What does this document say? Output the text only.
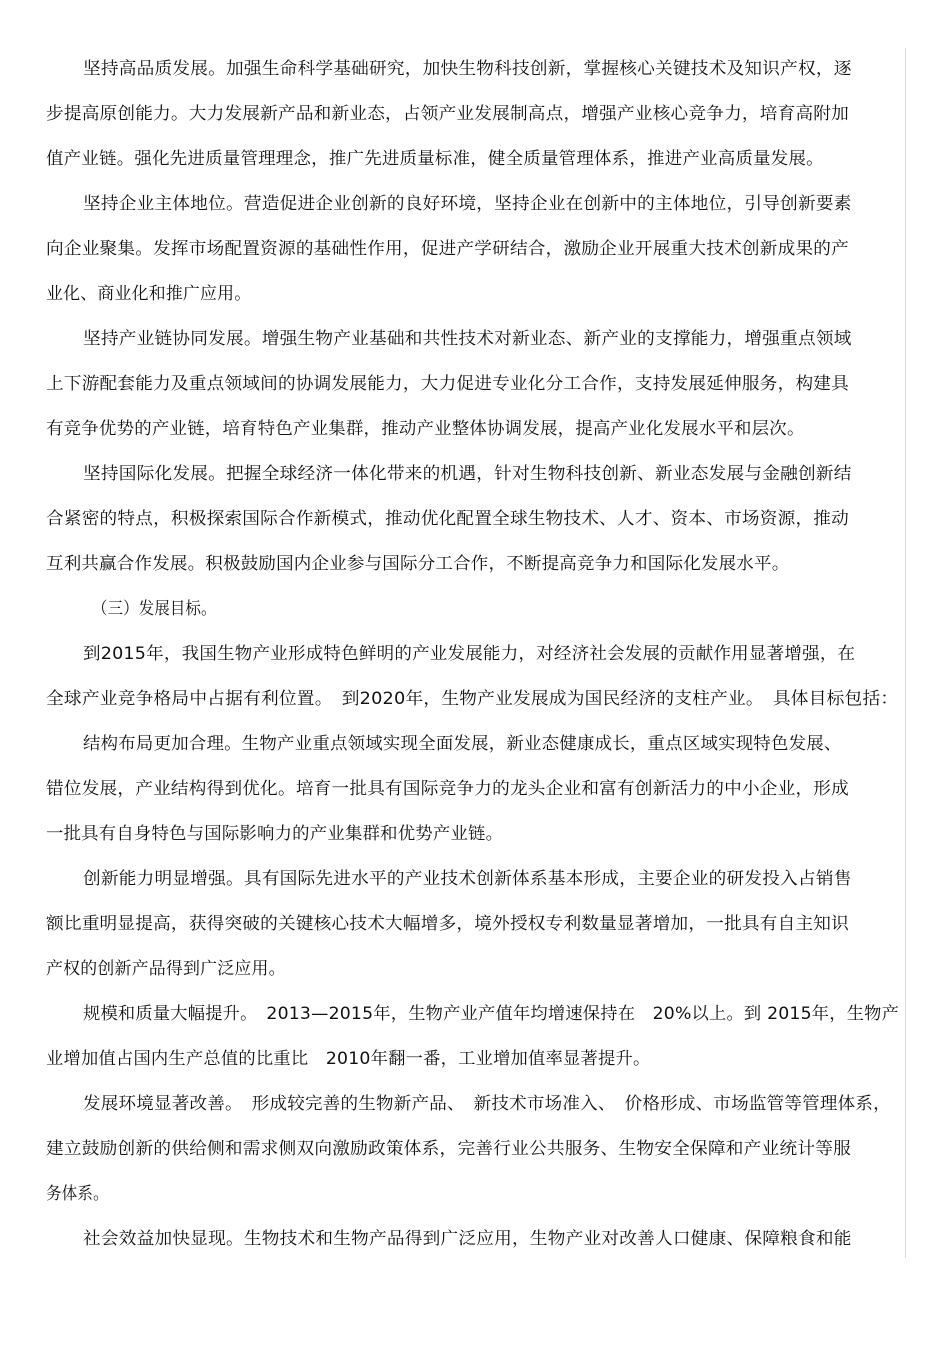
坚持高品质发展。加强生命科学基础研究，加快生物科技创新，掌握核心关键技术及知识产权，逐
步提高原创能力。大力发展新产品和新业态，占领产业发展制高点，增强产业核心竞争力，培育高附加
值产业链。强化先进质量管理理念，推广先进质量标准，健全质量管理体系，推进产业高质量发展。
坚持企业主体地位。营造促进企业创新的良好环境，坚持企业在创新中的主体地位，引导创新要素
向企业聚集。发挥市场配置资源的基础性作用，促进产学研结合，激励企业开展重大技术创新成果的产
业化、商业化和推广应用。
坚持产业链协同发展。增强生物产业基础和共性技术对新业态、新产业的支撑能力，增强重点领域
上下游配套能力及重点领域间的协调发展能力，大力促进专业化分工合作，支持发展延伸服务，构建具
有竞争优势的产业链，培育特色产业集群，推动产业整体协调发展，提高产业化发展水平和层次。
坚持国际化发展。把握全球经济一体化带来的机遇，针对生物科技创新、新业态发展与金融创新结
合紧密的特点，积极探索国际合作新模式，推动优化配置全球生物技术、人才、资本、市场资源，推动
互利共赢合作发展。积极鼓励国内企业参与国际分工合作，不断提高竞争力和国际化发展水平。
（三）发展目标。
到2015年，我国生物产业形成特色鲜明的产业发展能力，对经济社会发展的贡献作用显著增强，在
全球产业竞争格局中占据有利位置。　到2020年，生物产业发展成为国民经济的支柱产业。　具体目标包括：
结构布局更加合理。生物产业重点领域实现全面发展，新业态健康成长，重点区域实现特色发展、
错位发展，产业结构得到优化。培育一批具有国际竞争力的龙头企业和富有创新活力的中小企业，形成
一批具有自身特色与国际影响力的产业集群和优势产业链。
创新能力明显增强。具有国际先进水平的产业技术创新体系基本形成，主要企业的研发投入占销售
额比重明显提高，获得突破的关键核心技术大幅增多，境外授权专利数量显著增加，一批具有自主知识
产权的创新产品得到广泛应用。
规模和质量大幅提升。　2013—2015年，生物产业产值年均增速保持在　20%以上。到 2015年，生物产
业增加值占国内生产总值的比重比　2010年翻一番，工业增加值率显著提升。
发展环境显著改善。　形成较完善的生物新产品、　新技术市场准入、　价格形成、市场监管等管理体系，
建立鼓励创新的供给侧和需求侧双向激励政策体系，完善行业公共服务、生物安全保障和产业统计等服
务体系。
社会效益加快显现。生物技术和生物产品得到广泛应用，生物产业对改善人口健康、保障粮食和能
